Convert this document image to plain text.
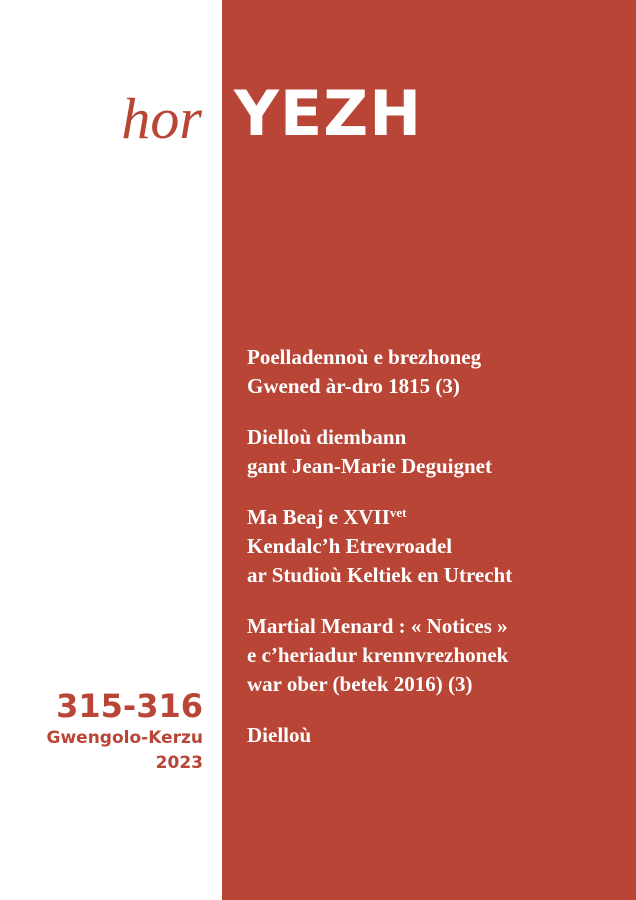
hor
315-316
Gwengolo-Kerzu
2023
YEZH
Poelladennoù e brezhoneg
Gwened àr-dro 1815 (3)
Dielloù diembann
gant Jean-Marie Deguignet
Ma Beaj e $XVII^{vet}$
Kendalc’h Etrevroadel
ar Studioù Keltiek en Utrecht
Martial Menard : « Notices »
e c’heriadur krennvrezhonek
war ober (betek 2016) (3)
Dielloù
